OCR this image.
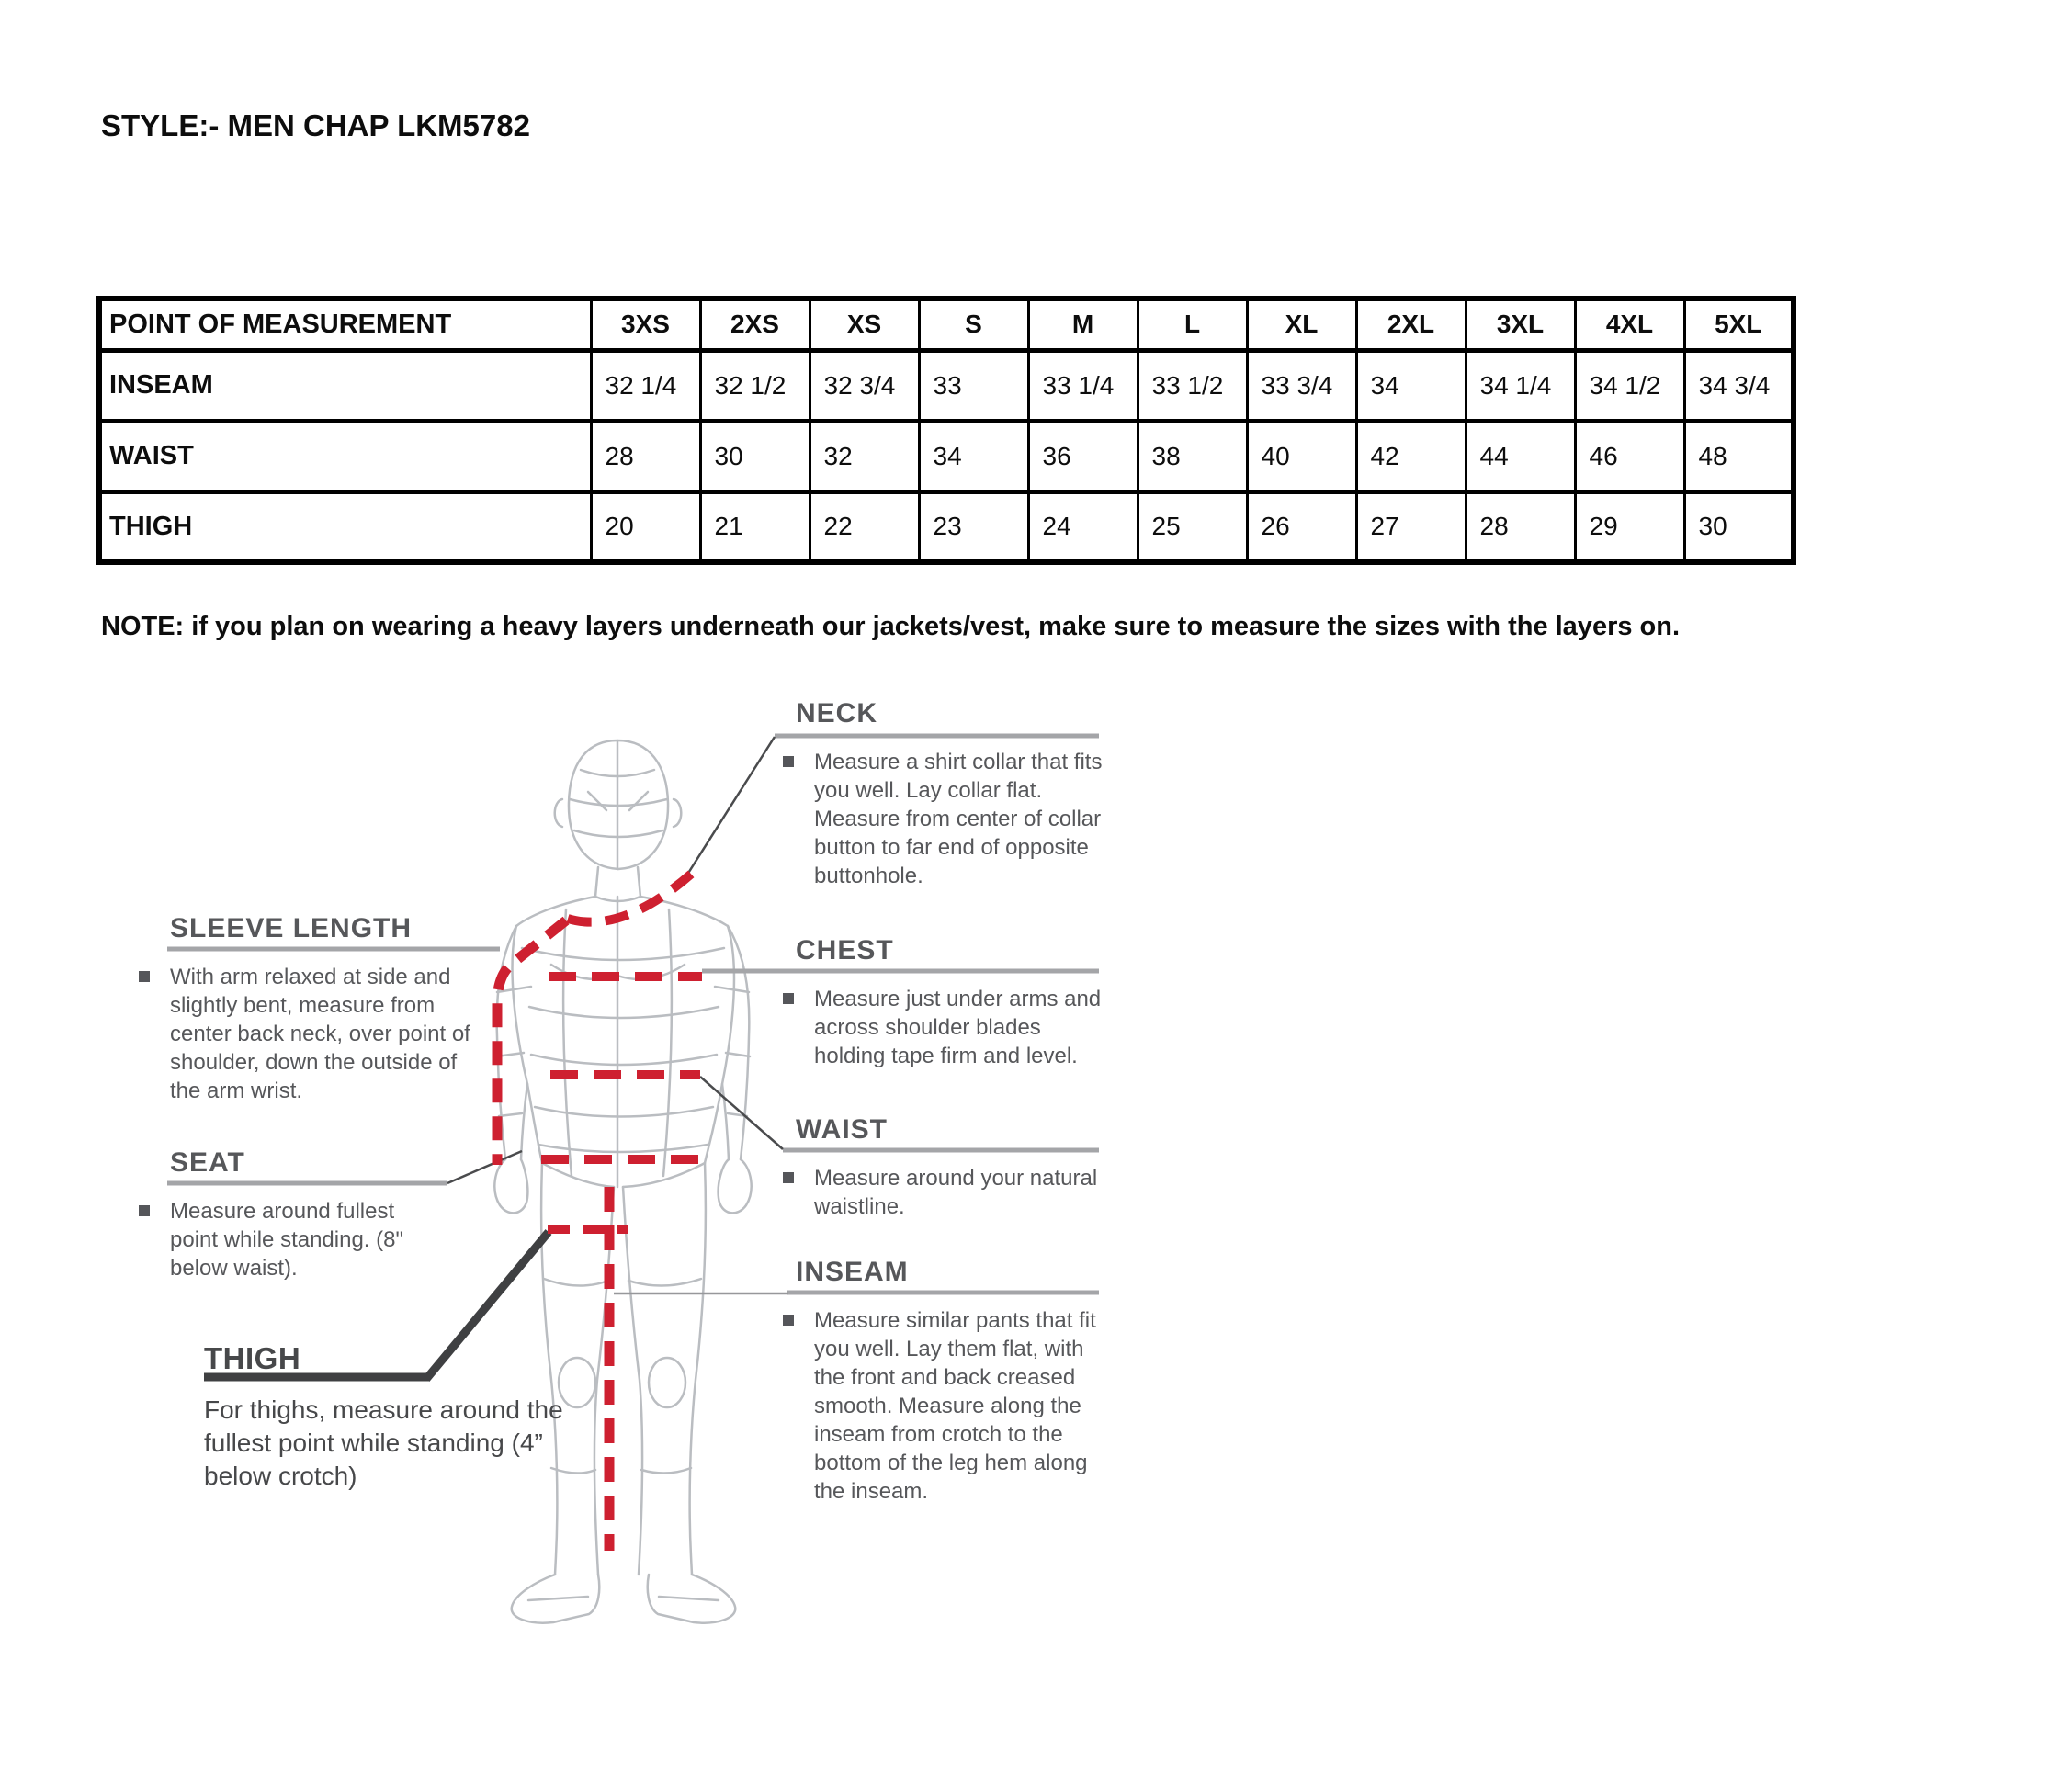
STYLE:- MEN CHAP LKM5782
POINT OF MEASUREMENT	3XS	2XS	XS	S	M	L	XL	2XL	3XL	4XL	5XL
INSEAM	32 1/4	32 1/2	32 3/4	33	33 1/4	33 1/2	33 3/4	34	34 1/4	34 1/2	34 3/4
WAIST	28	30	32	34	36	38	40	42	44	46	48
THIGH	20	21	22	23	24	25	26	27	28	29	30
NOTE: if you plan on wearing a heavy layers underneath our jackets/vest, make sure to measure the sizes with the layers on.
NECK

Measure a shirt collar that fits you well. Lay collar flat. Measure from center of collar button to far end of opposite buttonhole.

CHEST

Measure just under arms and across shoulder blades holding tape firm and level.

WAIST

Measure around your natural waistline.

INSEAM

Measure similar pants that fit you well. Lay them flat, with the front and back creased smooth. Measure along the inseam from crotch to the bottom of the leg hem along the inseam.

SLEEVE LENGTH

With arm relaxed at side and slightly bent, measure from center back neck, over point of shoulder, down the outside of the arm wrist.

SEAT

Measure around fullest point while standing. (8" below waist).

THIGH

For thighs, measure around the fullest point while standing (4” below crotch)
